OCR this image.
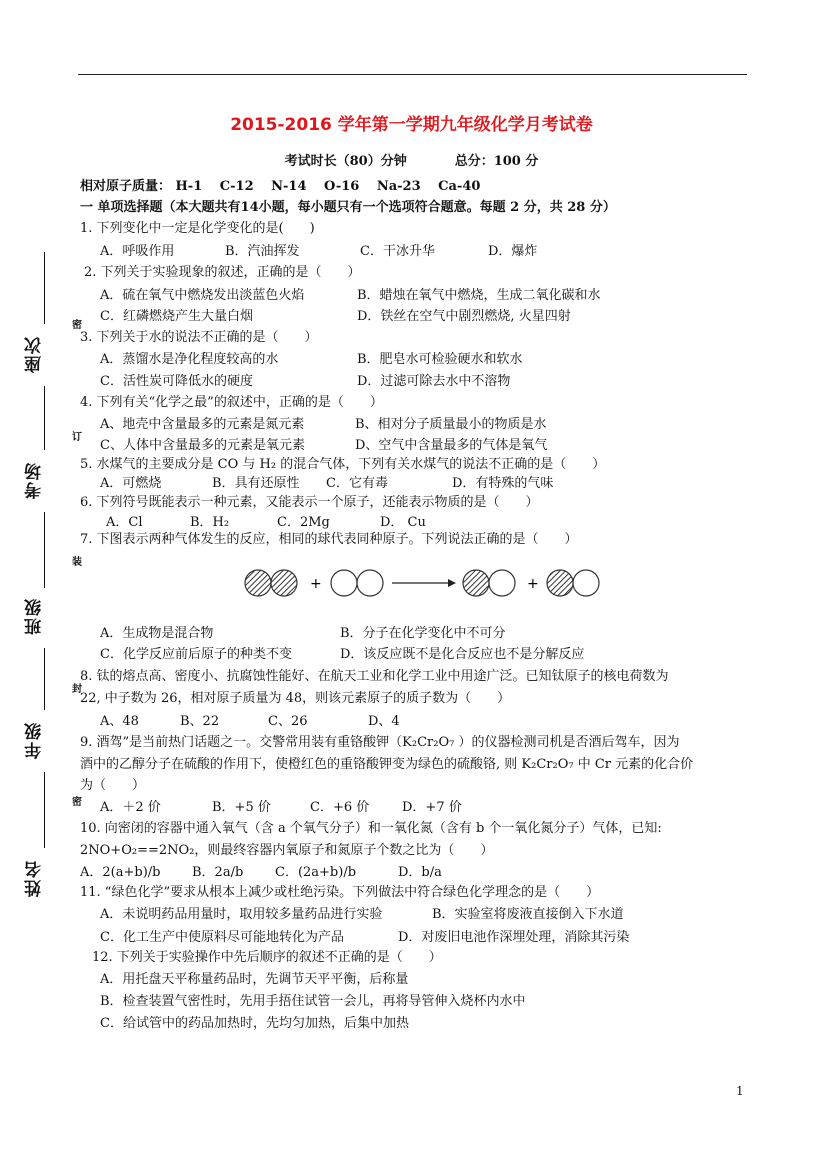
2015-2016 学年第一学期九年级化学月考试卷
考试时长（80）分钟	总分：100 分
相对原子质量： H-1　 C-12 　N-14 　O-16 　Na-23 　Ca-40
一 单项选择题（本大题共有14小题，每小题只有一个选项符合题意。每题 2 分，共 28 分）
座次
考场
班级
年级
姓名
密
订
装
封
密
1. 下列变化中一定是化学变化的是(　　)
A．呼吸作用	B．汽油挥发	C．干冰升华	D．爆炸
2. 下列关于实验现象的叙述，正确的是（　　）
A．硫在氧气中燃烧发出淡蓝色火焰	B．蜡烛在氧气中燃烧，生成二氧化碳和水
C．红磷燃烧产生大量白烟	D．铁丝在空气中剧烈燃烧, 火星四射
3. 下列关于水的说法不正确的是（　　）
A．蒸馏水是净化程度较高的水	B．肥皂水可检验硬水和软水
C．活性炭可降低水的硬度	D．过滤可除去水中不溶物
4. 下列有关“化学之最”的叙述中，正确的是（　　）
A、地壳中含量最多的元素是氮元素	B、相对分子质量最小的物质是水
C、人体中含量最多的元素是氧元素	D、空气中含量最多的气体是氧气
5. 水煤气的主要成分是 CO 与 H₂ 的混合气体，下列有关水煤气的说法不正确的是（　　）
A．可燃烧	B．具有还原性 C．它有毒	D．有特殊的气味
6. 下列符号既能表示一种元素，又能表示一个原子，还能表示物质的是（　　）
A．Cl	B．H₂	C．2Mg	D． Cu
7. 下图表示两种气体发生的反应，相同的球代表同种原子。下列说法正确的是（　　）
+	+
A．生成物是混合物	B．分子在化学变化中不可分
C．化学反应前后原子的种类不变	D．该反应既不是化合反应也不是分解反应
8. 钛的熔点高、密度小、抗腐蚀性能好、在航天工业和化学工业中用途广泛。已知钛原子的核电荷数为
22, 中子数为 26，相对原子质量为 48，则该元素原子的质子数为（　　）
A、48	B、22	C、26	D、4
9. 酒驾”是当前热门话题之一。交警常用装有重铬酸钾（K₂Cr₂O₇ ）的仪器检测司机是否酒后驾车，因为
酒中的乙醇分子在硫酸的作用下，使橙红色的重铬酸钾变为绿色的硫酸铬, 则 K₂Cr₂O₇ 中 Cr 元素的化合价
为（　　）
A．＋2 价	B．+5 价	C．+6 价	D．+7 价
10. 向密闭的容器中通入氧气（含 a 个氧气分子）和一氧化氮（含有 b 个一氧化氮分子）气体，已知:
2NO+O₂==2NO₂，则最终容器内氧原子和氮原子个数之比为（　　）
A．2(a+b)/b B．2a/b C．(2a+b)/b	D．b/a
11. “绿色化学”要求从根本上减少或杜绝污染。下列做法中符合绿色化学理念的是（　　）
A．未说明药品用量时，取用较多量药品进行实验	B．实验室将废液直接倒入下水道
C．化工生产中使原料尽可能地转化为产品	D．对废旧电池作深埋处理，消除其污染
12. 下列关于实验操作中先后顺序的叙述不正确的是（　　）
A．用托盘天平称量药品时，先调节天平平衡，后称量
B．检查装置气密性时，先用手捂住试管一会儿，再将导管伸入烧杯内水中
C．给试管中的药品加热时，先均匀加热，后集中加热
1
